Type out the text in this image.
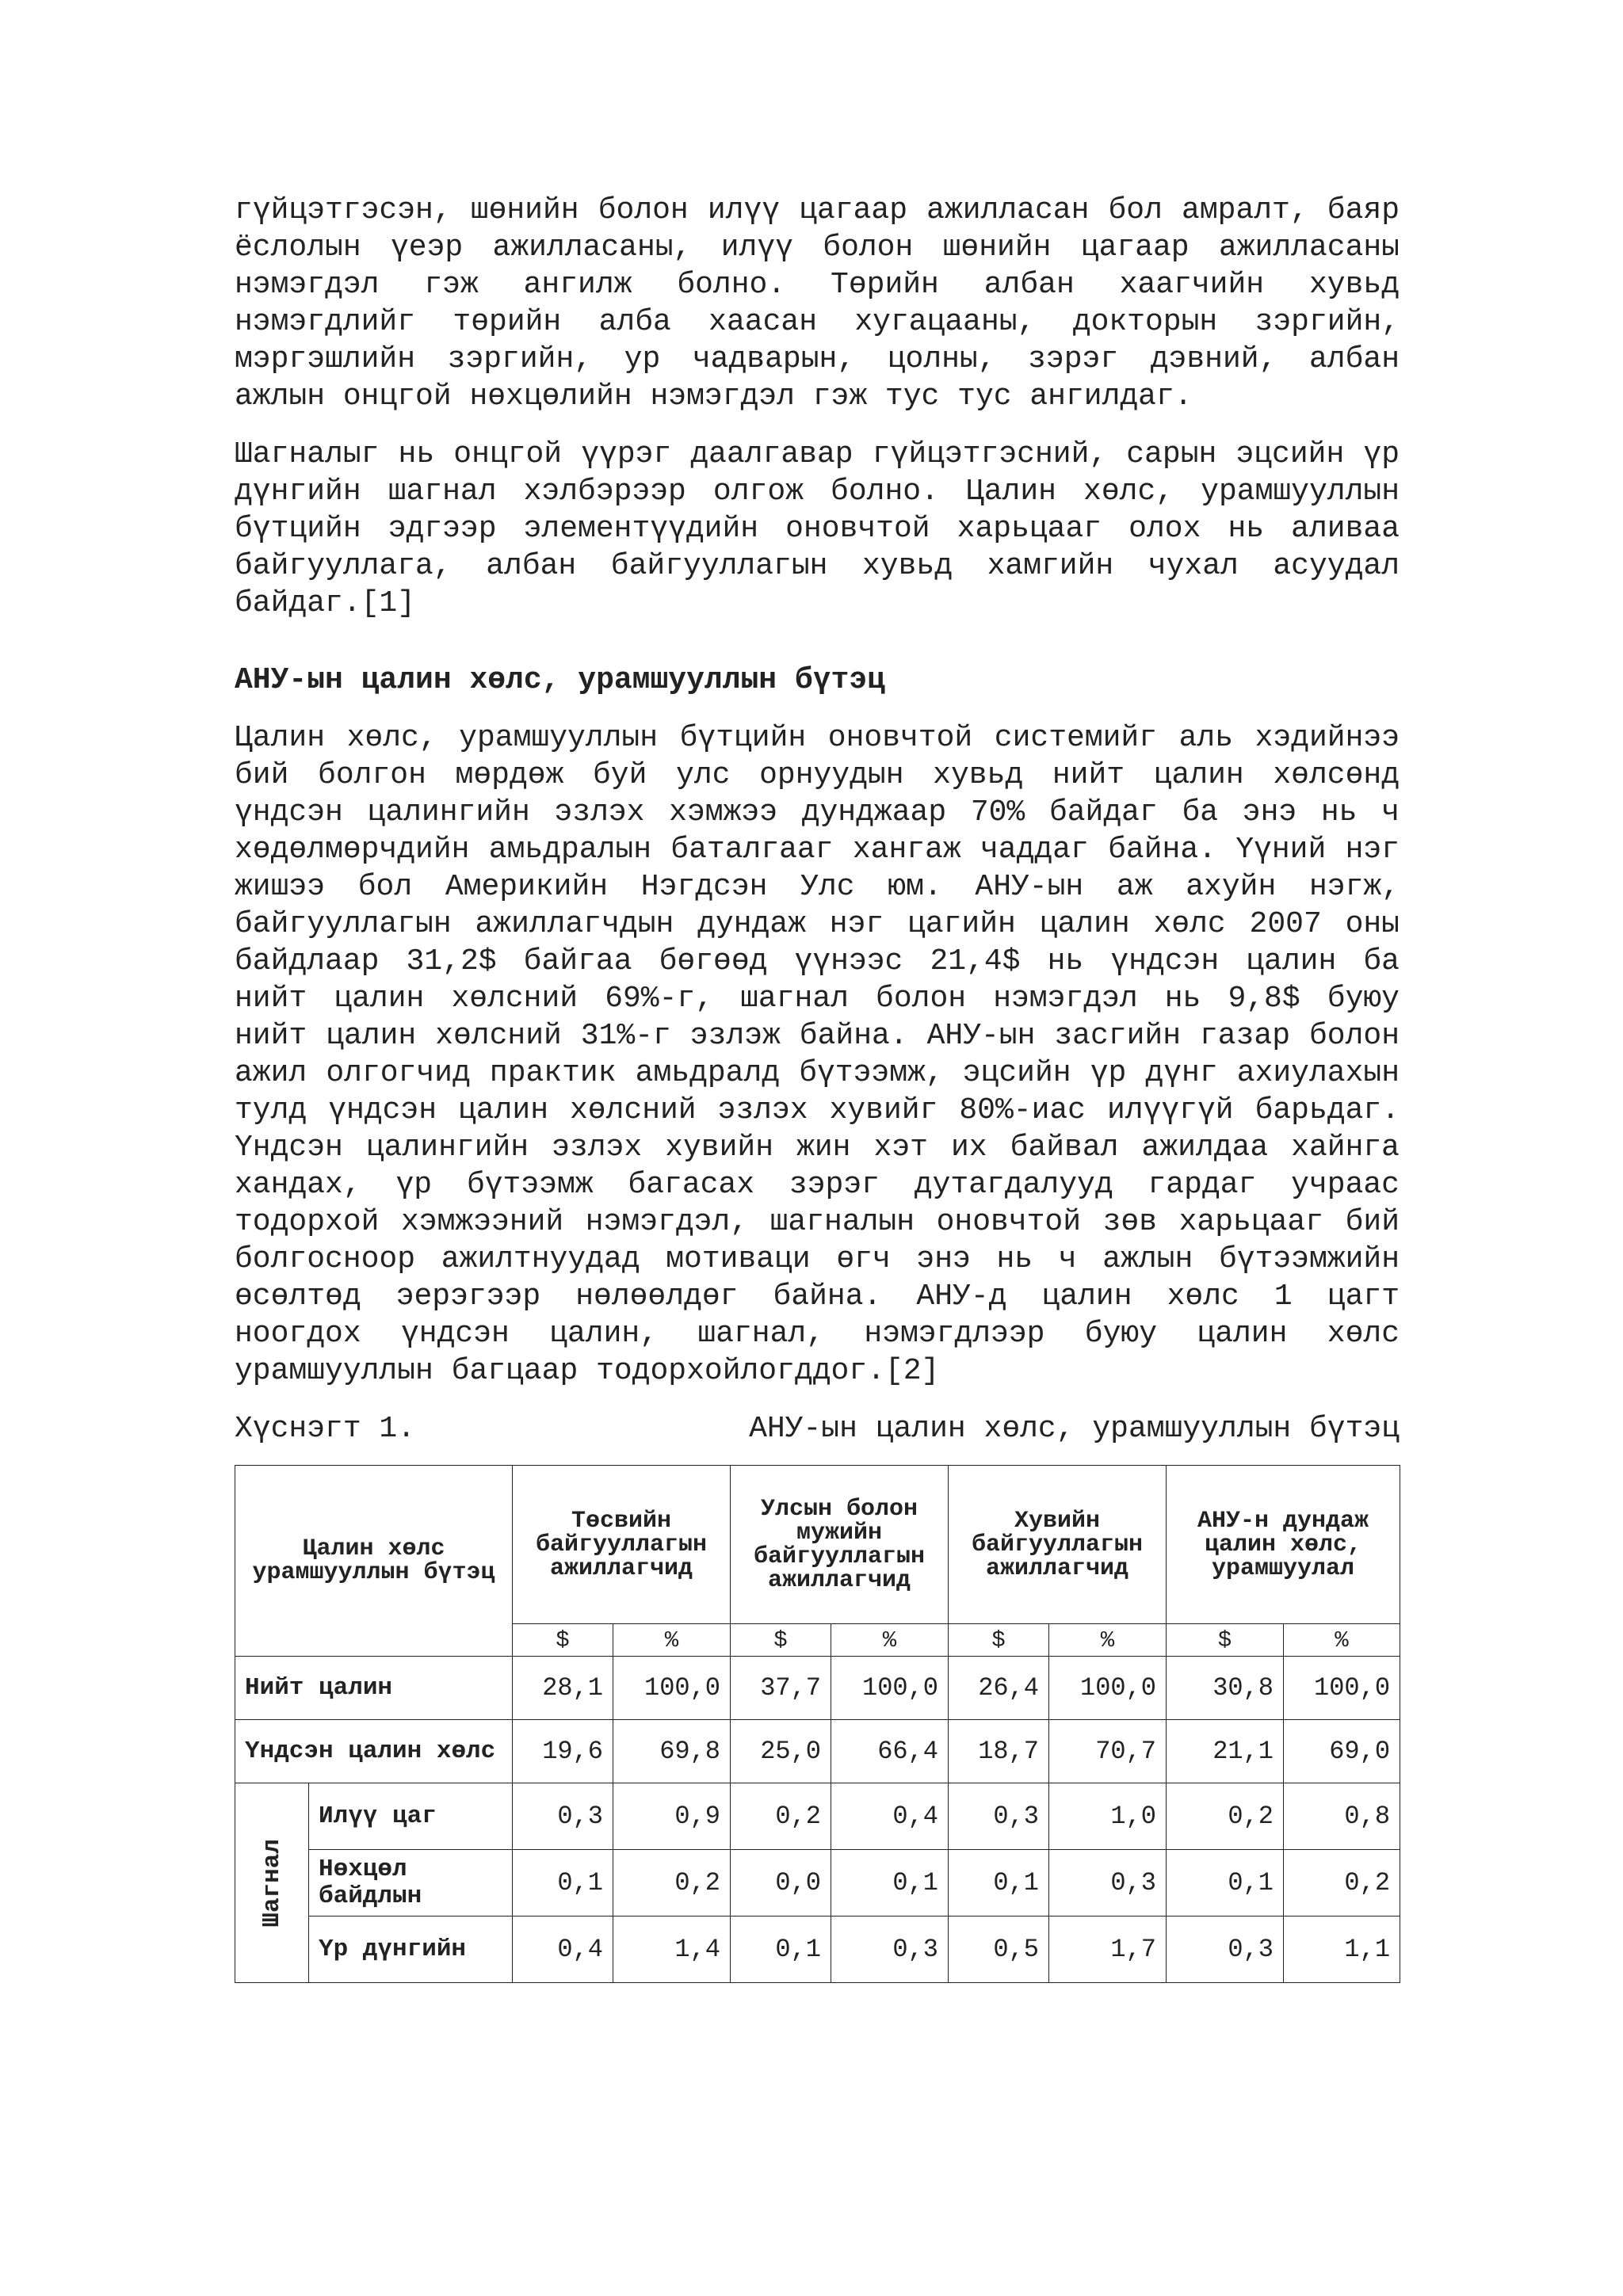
гүйцэтгэсэн, шөнийн болон илүү цагаар ажилласан бол амралт, баяр ёслолын үеэр ажилласаны, илүү болон шөнийн цагаар ажилласаны нэмэгдэл гэж ангилж болно. Төрийн албан хаагчийн хувьд нэмэгдлийг төрийн алба хаасан хугацааны, докторын зэргийн, мэргэшлийн зэргийн, ур чадварын, цолны, зэрэг дэвний, албан ажлын онцгой нөхцөлийн нэмэгдэл гэж тус тус ангилдаг.

Шагналыг нь онцгой үүрэг даалгавар гүйцэтгэсний, сарын эцсийн үр дүнгийн шагнал хэлбэрээр олгож болно. Цалин хөлс, урамшууллын бүтцийн эдгээр элементүүдийн оновчтой харьцааг олох нь аливаа байгууллага, албан байгууллагын хувьд хамгийн чухал асуудал байдаг.[1]

АНУ-ын цалин хөлс, урамшууллын бүтэц

Цалин хөлс, урамшууллын бүтцийн оновчтой системийг аль хэдийнээ бий болгон мөрдөж буй улс орнуудын хувьд нийт цалин хөлсөнд үндсэн цалингийн эзлэх хэмжээ дунджаар 70% байдаг ба энэ нь ч хөдөлмөрчдийн амьдралын баталгааг хангаж чаддаг байна. Үүний нэг жишээ бол Америкийн Нэгдсэн Улс юм. АНУ-ын аж ахуйн нэгж, байгууллагын ажиллагчдын дундаж нэг цагийн цалин хөлс 2007 оны байдлаар 31,2$ байгаа бөгөөд үүнээс 21,4$ нь үндсэн цалин ба нийт цалин хөлсний 69%-г, шагнал болон нэмэгдэл нь 9,8$ буюу нийт цалин хөлсний 31%-г эзлэж байна. АНУ-ын засгийн газар болон ажил олгогчид практик амьдралд бүтээмж, эцсийн үр дүнг ахиулахын тулд үндсэн цалин хөлсний эзлэх хувийг 80%-иас илүүгүй барьдаг. Үндсэн цалингийн эзлэх хувийн жин хэт их байвал ажилдаа хайнга хандах, үр бүтээмж багасах зэрэг дутагдалууд гардаг учраас тодорхой хэмжээний нэмэгдэл, шагналын оновчтой зөв харьцааг бий болгосноор ажилтнуудад мотиваци өгч энэ нь ч ажлын бүтээмжийн өсөлтөд эерэгээр нөлөөлдөг байна. АНУ-д цалин хөлс 1 цагт ноогдох үндсэн цалин, шагнал, нэмэгдлээр буюу цалин хөлс урамшууллын багцаар тодорхойлогддог.[2]

Хүснэгт 1.	АНУ-ын цалин хөлс, урамшууллын бүтэц
Цалин хөлс урамшууллын бүтэц		Төсвийн байгууллагын ажиллагчид		Улсын болон мужийн байгууллагын ажиллагчид		Хувийн байгууллагын ажиллагчид		АНУ-н дундаж цалин хөлс, урамшуулал	
		$	%	$	%	$	%	$	%
Нийт цалин		28,1	100,0	37,7	100,0	26,4	100,0	30,8	100,0
Үндсэн цалин хөлс		19,6	69,8	25,0	66,4	18,7	70,7	21,1	69,0

Шагнал	Илүү цаг	0,3	0,9	0,2	0,4	0,3	1,0	0,2	0,8
	Нөхцөл байдлын	0,1	0,2	0,0	0,1	0,1	0,3	0,1	0,2
	Үр дүнгийн	0,4	1,4	0,1	0,3	0,5	1,7	0,3	1,1
